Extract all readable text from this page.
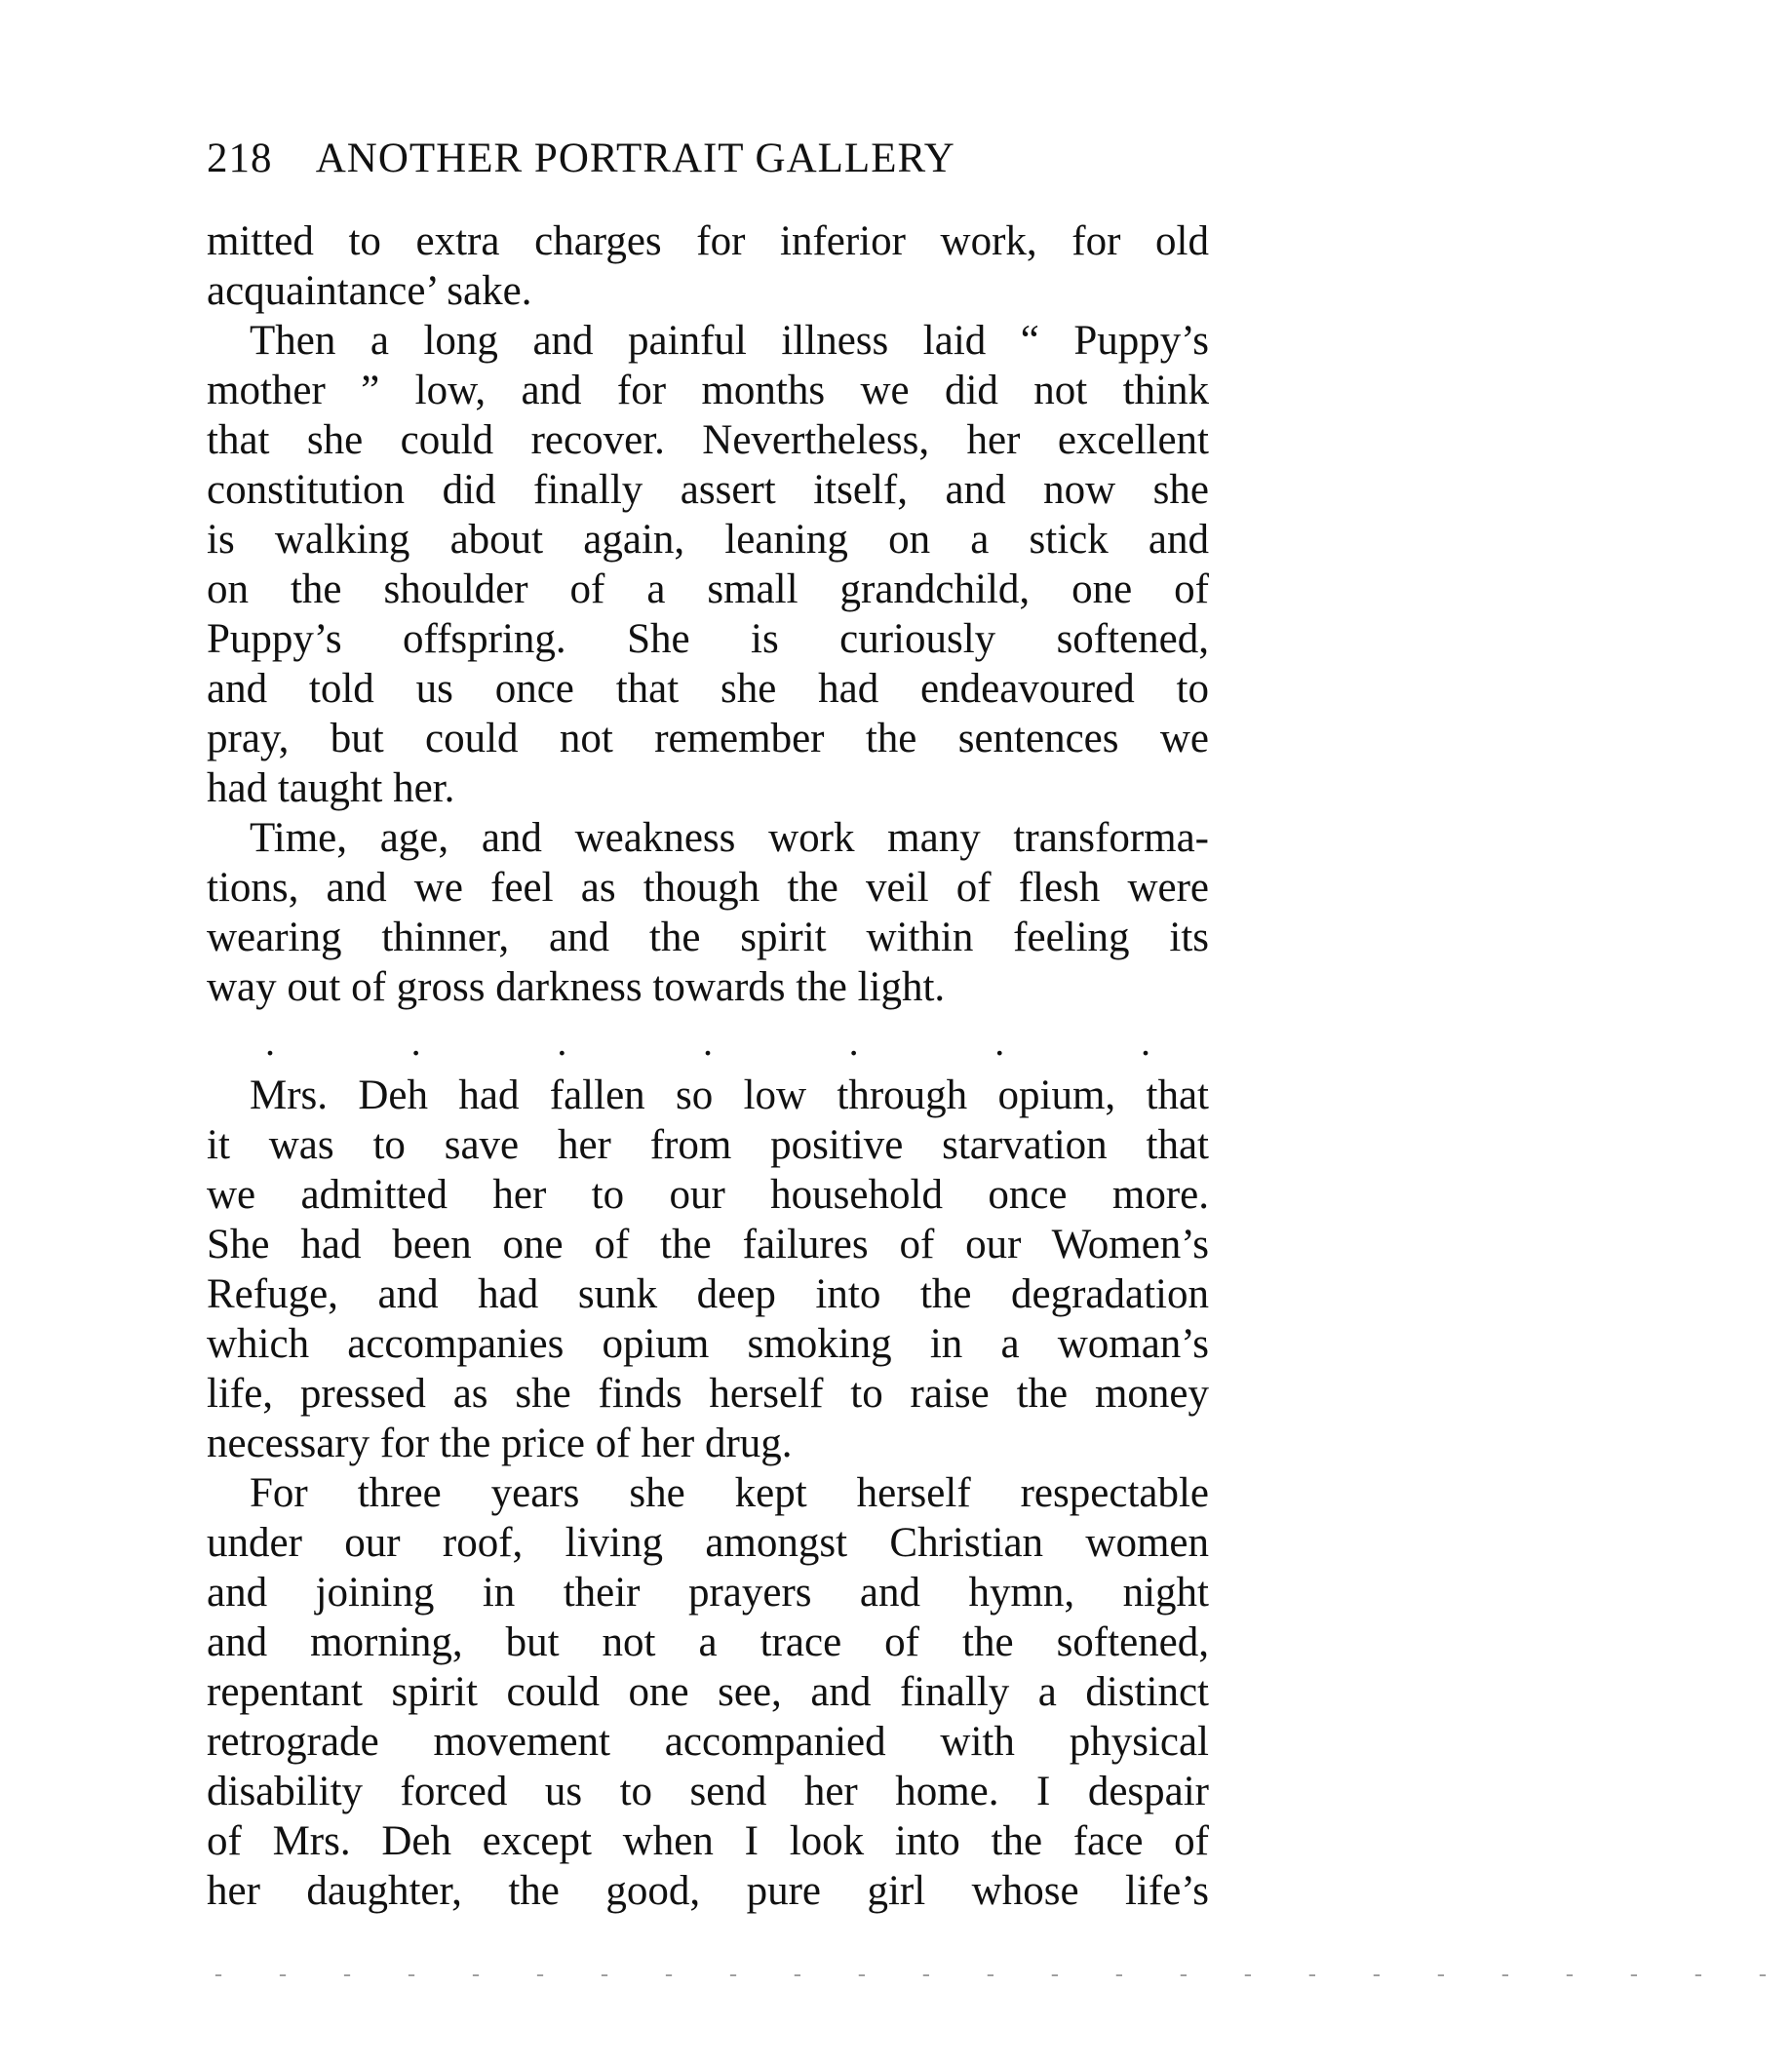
218 ANOTHER PORTRAIT GALLERY
mitted to extra charges for inferior work, for old
acquaintance’ sake.
Then a long and painful illness laid “ Puppy’s
mother ” low, and for months we did not think
that she could recover. Nevertheless, her excellent
constitution did finally assert itself, and now she
is walking about again, leaning on a stick and
on the shoulder of a small grandchild, one of
Puppy’s offspring. She is curiously softened,
and told us once that she had endeavoured to
pray, but could not remember the sentences we
had taught her.
Time, age, and weakness work many transforma-
tions, and we feel as though the veil of flesh were
wearing thinner, and the spirit within feeling its
way out of gross darkness towards the light.
.	.	.	.	.	.	.
Mrs. Deh had fallen so low through opium, that
it was to save her from positive starvation that
we admitted her to our household once more.
She had been one of the failures of our Women’s
Refuge, and had sunk deep into the degradation
which accompanies opium smoking in a woman’s
life, pressed as she finds herself to raise the money
necessary for the price of her drug.
For three years she kept herself respectable
under our roof, living amongst Christian women
and joining in their prayers and hymn, night
and morning, but not a trace of the softened,
repentant spirit could one see, and finally a distinct
retrograde movement accompanied with physical
disability forced us to send her home. I despair
of Mrs. Deh except when I look into the face of
her daughter, the good, pure girl whose life’s
- - - - - - - - - - - - - - - - - - - - - - - - -
